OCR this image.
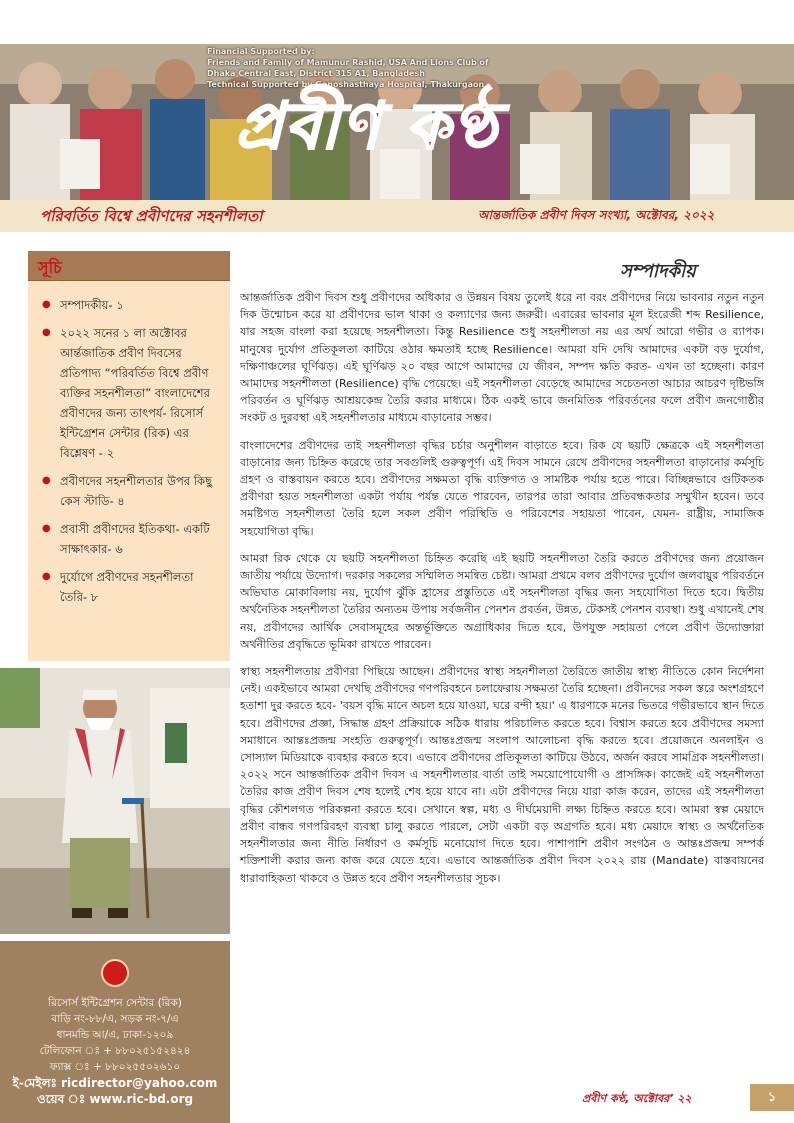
Financial Supported by:
Friends and Family of Mamunur Rashid, USA And Lions Club of
Dhaka Central East, District 315 A1, Bangladesh
Technical Supported by Gonoshasthaya Hospital, Thakurgaon
প্রবীণ কণ্ঠ
পরিবর্তিত বিশ্বে প্রবীণদের সহনশীলতা	আন্তর্জাতিক প্রবীণ দিবস সংখ্যা, অক্টোবর, ২০২২
সূচি
● সম্পাদকীয়- ১
● ২০২২ সনের ১ লা অক্টোবর আর্ন্তজাতিক প্রবীণ দিবসের প্রতিপাদ্য “পরিবর্তিত বিশ্বে প্রবীণ ব্যক্তির সহনশীলতা” বাংলাদেশের প্রবীণদের জন্য তাৎপর্য- রিসোর্স ইন্টিগ্রেশন সেন্টার (রিক) এর বিশ্লেষণ - ২
● প্রবীণদের সহনশীলতার উপর কিছু কেস স্টাডি- ৪
● প্রবাসী প্রবীণদের ইতিকথা- একটি সাক্ষাৎকার- ৬
● দুর্যোগে প্রবীণদের সহনশীলতা তৈরি- ৮
রিসোর্স ইন্টিগ্রেশন সেন্টার (রিক)
বাড়ি নং-৮৮/এ, সড়ক নং-৭/এ
ধানমন্ডি আ/এ, ঢাকা-১২০৯
টেলিফোন ঃ + ৮৮০২৫১৫২৪২৪
ফ্যাক্স ঃ + ৮৮০২৫৫০২৬১০
ই-মেইলঃ ricdirector@yahoo.com
ওয়েব ঃ www.ric-bd.org
সম্পাদকীয়

আন্তর্জাতিক প্রবীণ দিবস শুধু প্রবীণদের অধিকার ও উন্নয়ন বিষয় তুলেই ধরে না বরং প্রবীণদের নিয়ে ভাবনার নতুন নতুন দিক উন্মোচন করে যা প্রবীণদের ভাল থাকা ও কল্যাণের জন্য জরুরী। এবারের ভাবনার মূল ইংরেজী শব্দ Resilience, যার সহজ বাংলা করা হয়েছে সহনশীলতা। কিন্তু Resilience শুধু সহনশীলতা নয় এর অর্থ আরো গভীর ও ব্যাপক। মানুষের দুর্যোগ প্রতিকূলতা কাটিয়ে ওঠার ক্ষমতাই হচ্ছে Resilience। আমরা যদি দেখি আমাদের একটা বড় দুর্যোগ, দক্ষিণাঞ্চলের ঘূর্ণিঝড়। এই ঘূর্ণিঝড় ২০ বছর আগে আমাদের যে জীবন, সম্পদ ক্ষতি করত- এখন তা হচ্ছেনা। কারণ আমাদের সহনশীলতা (Resilience) বৃদ্ধি পেয়েছে। এই সহনশীলতা বেড়েছে আমাদের সচেতনতা আচার আচরণ দৃষ্টিভঙ্গি পরিবর্তন ও ঘূর্ণিঝড় আশ্রয়কেন্দ্র তৈরি করার মাধ্যমে। ঠিক একই ভাবে জনমিতিক পরিবর্তনের ফলে প্রবীণ জনগোষ্ঠীর সংকট ও দুরবস্থা এই সহনশীলতার মাধ্যমে বাড়ানোর সম্ভব।

বাংলাদেশের প্রবীণদের তাই সহনশীলতা বৃদ্ধির চর্চার অনুশীলন বাড়াতে হবে। রিক যে ছয়টি ক্ষেত্রকে এই সহনশীলতা বাড়ানোর জন্য চিহ্নিত করেছে তার সবগুলিই গুরুত্বপূর্ণ। এই দিবস সামনে রেখে প্রবীণদের সহনশীলতা বাড়ানোর কর্মসূচি গ্রহণ ও বাস্তবায়ন করতে হবে। প্রবীণদের সক্ষমতা বৃদ্ধি ব্যক্তিগত ও সামষ্টিক পর্যায় হতে পারে। বিচ্ছিন্নভাবে গুটিকতক প্রবীণরা হয়ত সহনশীলতা একটা পর্যায় পর্যন্ত যেতে পারবেন, তারপর তারা আবার প্রতিবন্ধকতার সম্মুখীন হবেন। তবে সমষ্টিগত সহনশীলতা তৈরি হলে সকল প্রবীণ পরিস্থিতি ও পরিবেশের সহায়তা পাবেন, যেমন- রাষ্ট্রীয়, সামাজিক সহযোগিতা বৃদ্ধি।

আমরা রিক থেকে যে ছয়টি সহনশীলতা চিহ্নিত করেছি এই ছয়টি সহনশীলতা তৈরি করতে প্রবীণদের জন্য প্রয়োজন জাতীয় পর্যায়ে উদ্যোগ। দরকার সকলের সম্মিলিত সমন্বিত চেষ্টা। আমরা প্রথমে বলব প্রবীণদের দুর্যোগ জলবায়ুর পরিবর্তনে অভিঘাত মোকাবিলায় নয়, দুর্যোগ ঝুঁকি হ্রাসের প্রস্তুতিতে এই সহনশীলতা বৃদ্ধির জন্য সহযোগিতা দিতে হবে। দ্বিতীয় অর্থনৈতিক সহনশীলতা তৈরির অন্যতম উপায় সর্বজনীন পেনশন প্রবর্তন, উন্নত, টেকসই পেনশন ব্যবস্থা। শুধু এখানেই শেষ নয়, প্রবীণদের আর্থিক সেবাসমূহের অন্তর্ভূক্তিতে অগ্রাধিকার দিতে হবে, উপযুক্ত সহায়তা পেলে প্রবীণ উদ্যোক্তারা অর্থনীতির প্রবৃদ্ধিতে ভূমিকা রাখতে পারবেন।

স্বাস্থ্য সহনশীলতায় প্রবীণরা পিছিয়ে আছেন। প্রবীণদের স্বাস্থ্য সহনশীলতা তৈরিতে জাতীয় স্বাস্থ্য নীতিতে কোন নির্দেশনা নেই। একইভাবে আমরা দেখছি প্রবীণদের গণপরিবহনে চলাফেরায় সক্ষমতা তৈরি হচ্ছেনা। প্রবীনদের সকল স্তরে অংশগ্রহণে হতাশা দুর করতে হবে- 'বয়স বৃদ্ধি মানে অচল হয়ে যাওয়া, ঘরে বন্দী হয়।' এ ধারণাকে মনের ভিতরে গভীরভাবে স্থান দিতে হবে। প্রবীণদের প্রজ্ঞা, সিদ্ধান্ত গ্রহণ প্রক্রিয়াকে সঠিক ধারায় পরিচালিত করতে হবে। বিশ্বাস করতে হবে প্রবীণদের সমস্যা সমাধানে আন্তঃপ্রজন্ম সংহতি গুরুত্বপূর্ণ। আন্তঃপ্রজন্ম সংলাপ আলোচনা বৃদ্ধি করতে হবে। প্রয়োজনে অনলাইন ও সোস্যাল মিডিয়াকে ব্যবহার করতে হবে। এভাবে প্রবীণদের প্রতিকূলতা কাটিয়ে উঠবে, অর্জন করবে সামগ্রিক সহনশীলতা। ২০২২ সনে আন্তর্জাতিক প্রবীণ দিবস এ সহনশীলতার বার্তা তাই সময়োপোযোগী ও প্রাসঙ্গিক। কাজেই এই সহনশীলতা তৈরির কাজ প্রবীণ দিবস শেষ হলেই শেষ হয়ে যাবে না। এটা প্রবীণদের নিয়ে যারা কাজ করেন, তাদের এই সহনশীলতা বৃদ্ধির কৌশলগত পরিকল্পনা করতে হবে। সেখানে স্বল্প, মধ্য ও দীর্ঘমেয়াদী লক্ষ্য চিহ্নিত করতে হবে। আমরা স্বল্প মেয়াদে প্রবীণ বান্ধব গণপরিবহণ ব্যবস্থা চালু করতে পারলে, সেটা একটা বড় অগ্রগতি হবে। মধ্য মেয়াদে স্বাস্থ্য ও অর্থনৈতিক সহনশীলতার জন্য নীতি নির্ধারণ ও কর্মসূচি মনোযোগ দিতে হবে। পাশাপাশি প্রবীণ সংগঠন ও আন্তঃপ্রজন্ম সম্পর্ক শক্তিশালী করার জন্য কাজ করে যেতে হবে। এভাবে আন্তর্জাতিক প্রবীণ দিবস ২০২২ রায় (Mandate) বাস্তবায়নের ধারাবাহিকতা থাকবে ও উন্নত হবে প্রবীণ সহনশীলতার সূচক।

প্রবীণ কণ্ঠ, অক্টোবর’ ২২	১
